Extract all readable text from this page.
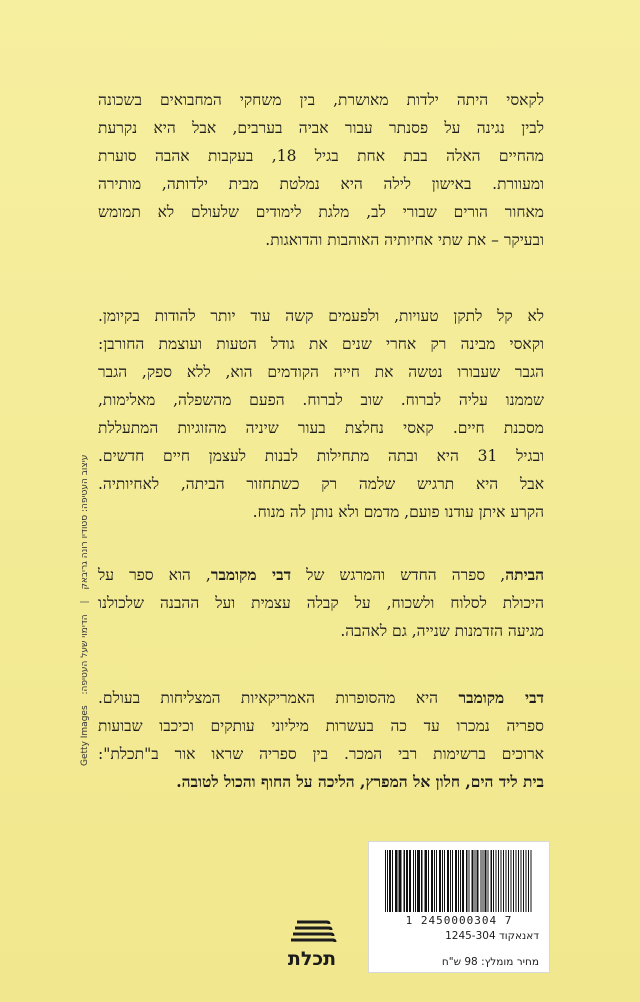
לקאסי היתה ילדות מאושרת, בין משחקי המחבואים בשכונה
לבין נגינה על פסנתר עבור אביה בערבים, אבל היא נקרעת
מהחיים האלה בבת אחת בגיל 18, בעקבות אהבה סוערת
ומעוורת. באישון לילה היא נמלטת מבית ילדותה, מותירה
מאחור הורים שבורי לב, מלגת לימודים שלעולם לא תמומש
ובעיקר – את שתי אחיותיה האוהבות והדואגות.
לא קל לתקן טעויות, ולפעמים קשה עוד יותר להודות בקיומן.
וקאסי מבינה רק אחרי שנים את גודל הטעות ועוצמת החורבן:
הגבר שעבורו נטשה את חייה הקודמים הוא, ללא ספק, הגבר
שממנו עליה לברוח. שוב לברוח. הפעם מהשפלה, מאלימות,
מסכנת חיים. קאסי נחלצת בעור שיניה מהזוגיות המתעללת
ובגיל 31 היא ובתה מתחילות לבנות לעצמן חיים חדשים.
אבל היא תרגיש שלמה רק כשתחזור הביתה, לאחיותיה.
הקרע איתן עודנו פועם, מדמם ולא נותן לה מנוח.
הביתה, ספרה החדש והמרגש של דבי מקומבר, הוא ספר על
היכולת לסלוח ולשכוח, על קבלה עצמית ועל ההבנה שלכולנו
מגיעה הזדמנות שנייה, גם לאהבה.
דבי מקומבר היא מהסופרות האמריקאיות המצליחות בעולם.
ספריה נמכרו עד כה בעשרות מיליוני עותקים וכיכבו שבועות
ארוכים ברשימות רבי המכר. בין ספריה שראו אור ב"תכלת":
בית ליד הים, חלון אל המפרץ, הליכה על החוף והכול לטובה.
עיצוב העטיפה: סטודיו רונה גריבאק | הדימוי שעל העטיפה: Getty Images
תכלת
1 2450000304 7
דאנאקוד 1245-304
מחיר מומלץ: 98 ש"ח
